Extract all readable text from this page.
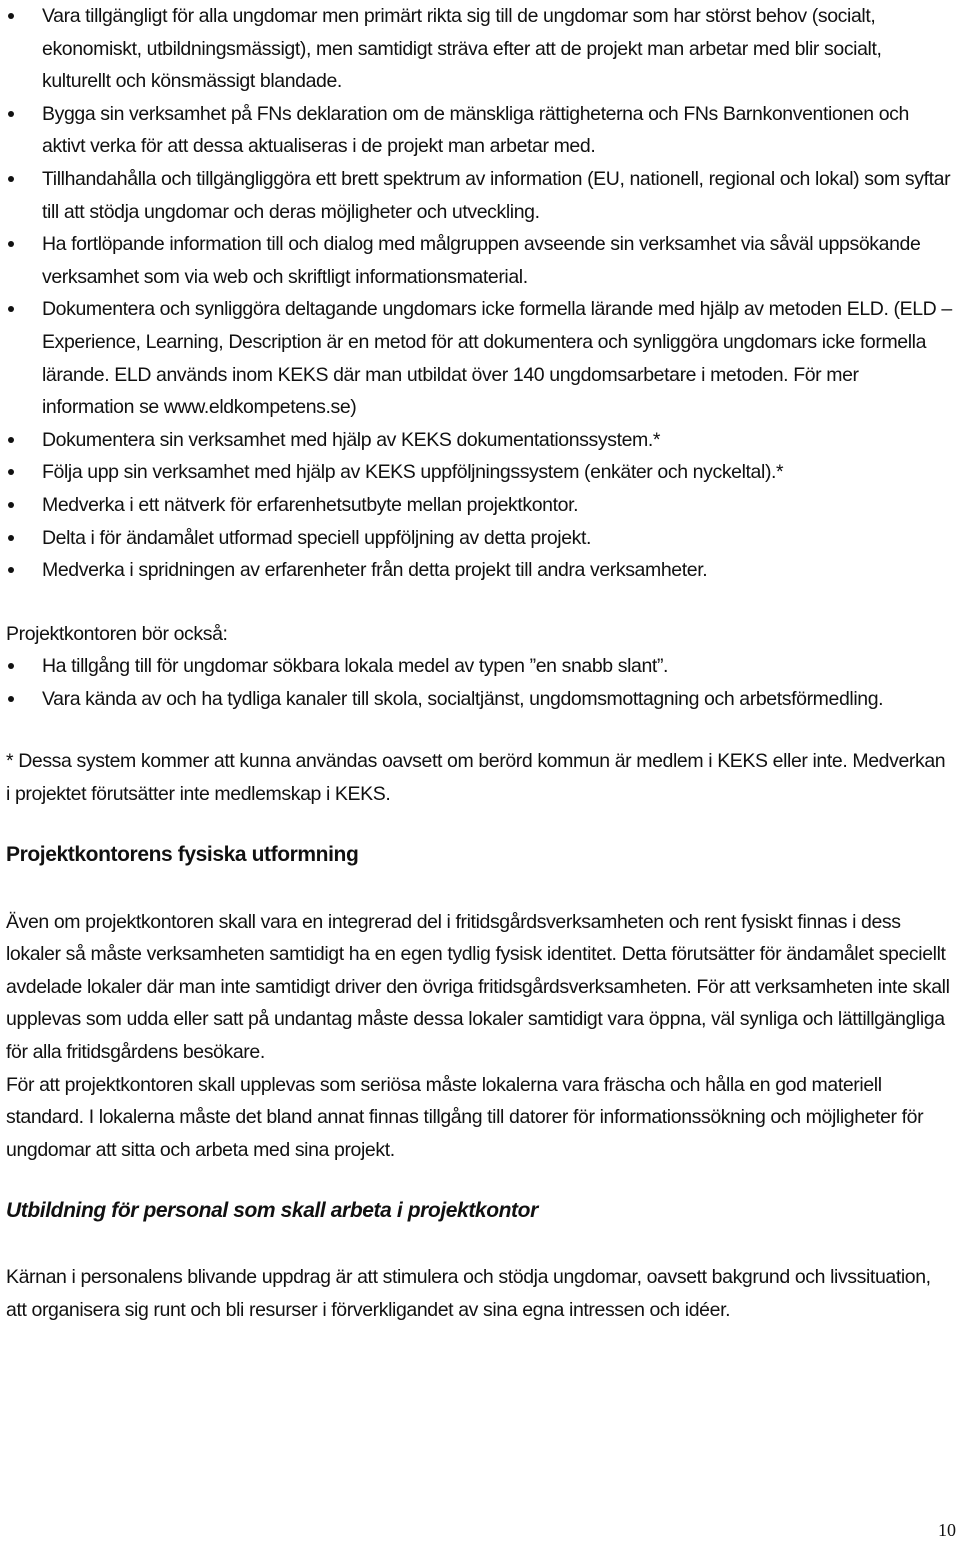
Vara tillgängligt för alla ungdomar men primärt rikta sig till de ungdomar som har störst behov (socialt, ekonomiskt, utbildningsmässigt), men samtidigt sträva efter att de projekt man arbetar med blir socialt, kulturellt och könsmässigt blandade.
Bygga sin verksamhet på FNs deklaration om de mänskliga rättigheterna och FNs Barnkonventionen och aktivt verka för att dessa aktualiseras i de projekt man arbetar med.
Tillhandahålla och tillgängliggöra ett brett spektrum av information (EU, nationell, regional och lokal) som syftar till att stödja ungdomar och deras möjligheter och utveckling.
Ha fortlöpande information till och dialog med målgruppen avseende sin verksamhet via såväl uppsökande verksamhet som via web och skriftligt informationsmaterial.
Dokumentera och synliggöra deltagande ungdomars icke formella lärande med hjälp av metoden ELD. (ELD – Experience, Learning, Description är en metod för att dokumentera och synliggöra ungdomars icke formella lärande. ELD används inom KEKS där man utbildat över 140 ungdomsarbetare i metoden. För mer information se www.eldkompetens.se)
Dokumentera sin verksamhet med hjälp av KEKS dokumentationssystem.*
Följa upp sin verksamhet med hjälp av KEKS uppföljningssystem (enkäter och nyckeltal).*
Medverka i ett nätverk för erfarenhetsutbyte mellan projektkontor.
Delta i för ändamålet utformad speciell uppföljning av detta projekt.
Medverka i spridningen av erfarenheter från detta projekt till andra verksamheter.

Projektkontoren bör också:

Ha tillgång till för ungdomar sökbara lokala medel av typen ”en snabb slant”.
Vara kända av och ha tydliga kanaler till skola, socialtjänst, ungdomsmottagning och arbetsförmedling.

* Dessa system kommer att kunna användas oavsett om berörd kommun är medlem i KEKS eller inte. Medverkan i projektet förutsätter inte medlemskap i KEKS.

Projektkontorens fysiska utformning

Även om projektkontoren skall vara en integrerad del i fritidsgårdsverksamheten och rent fysiskt finnas i dess lokaler så måste verksamheten samtidigt ha en egen tydlig fysisk identitet. Detta förutsätter för ändamålet speciellt avdelade lokaler där man inte samtidigt driver den övriga fritidsgårdsverksamheten. För att verksamheten inte skall upplevas som udda eller satt på undantag måste dessa lokaler samtidigt vara öppna, väl synliga och lättillgängliga för alla fritidsgårdens besökare.

För att projektkontoren skall upplevas som seriösa måste lokalerna vara fräscha och hålla en god materiell standard. I lokalerna måste det bland annat finnas tillgång till datorer för informationssökning och möjligheter för ungdomar att sitta och arbeta med sina projekt.

Utbildning för personal som skall arbeta i projektkontor

Kärnan i personalens blivande uppdrag är att stimulera och stödja ungdomar, oavsett bakgrund och livssituation, att organisera sig runt och bli resurser i förverkligandet av sina egna intressen och idéer.

10
